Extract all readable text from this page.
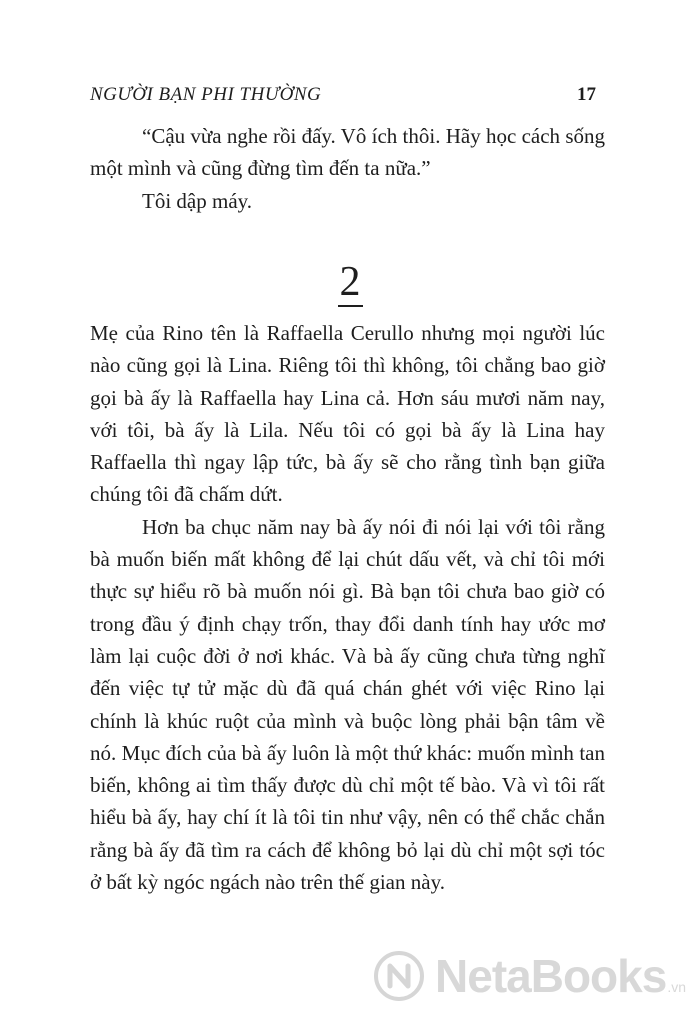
NGƯỜI BẠN PHI THƯỜNG	17

“Cậu vừa nghe rồi đấy. Vô ích thôi. Hãy học cách sống một mình và cũng đừng tìm đến ta nữa.”

Tôi dập máy.

2

Mẹ của Rino tên là Raffaella Cerullo nhưng mọi người lúc nào cũng gọi là Lina. Riêng tôi thì không, tôi chẳng bao giờ gọi bà ấy là Raffaella hay Lina cả. Hơn sáu mươi năm nay, với tôi, bà ấy là Lila. Nếu tôi có gọi bà ấy là Lina hay Raffaella thì ngay lập tức, bà ấy sẽ cho rằng tình bạn giữa chúng tôi đã chấm dứt.

Hơn ba chục năm nay bà ấy nói đi nói lại với tôi rằng bà muốn biến mất không để lại chút dấu vết, và chỉ tôi mới thực sự hiểu rõ bà muốn nói gì. Bà bạn tôi chưa bao giờ có trong đầu ý định chạy trốn, thay đổi danh tính hay ước mơ làm lại cuộc đời ở nơi khác. Và bà ấy cũng chưa từng nghĩ đến việc tự tử mặc dù đã quá chán ghét với việc Rino lại chính là khúc ruột của mình và buộc lòng phải bận tâm về nó. Mục đích của bà ấy luôn là một thứ khác: muốn mình tan biến, không ai tìm thấy được dù chỉ một tế bào. Và vì tôi rất hiểu bà ấy, hay chí ít là tôi tin như vậy, nên có thể chắc chắn rằng bà ấy đã tìm ra cách để không bỏ lại dù chỉ một sợi tóc ở bất kỳ ngóc ngách nào trên thế gian này.

NetaBooks .vn
